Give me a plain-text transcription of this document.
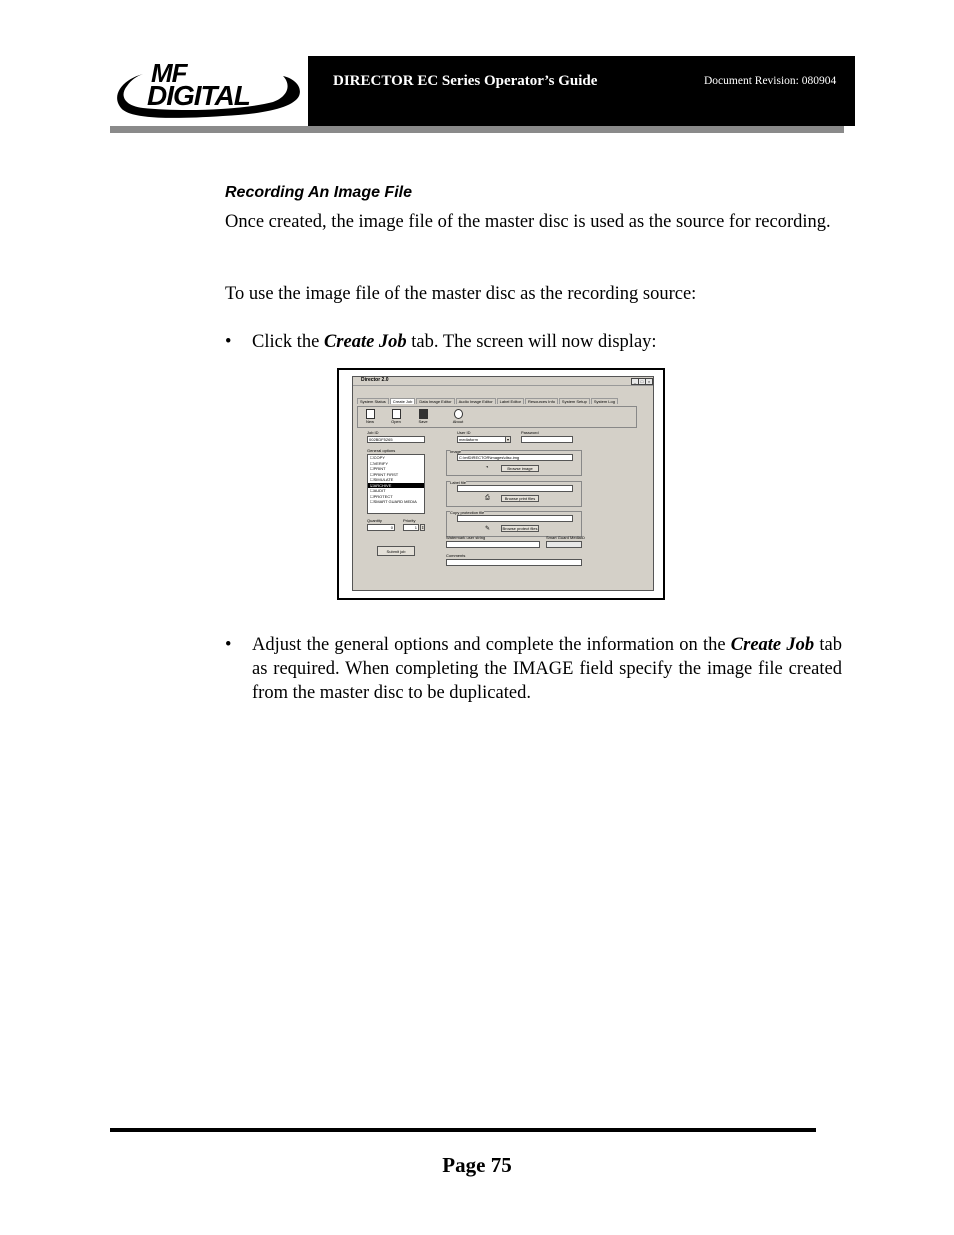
MF
DIGITAL	DIRECTOR EC Series Operator’s Guide	Document Revision: 080904
Recording An Image File
Once created, the image file of the master disc is used as the source for recording.
To use the image file of the master disc as the recording source:
• Click the Create Job tab. The screen will now display:
Director 2.0	_	□	×
System Status Create Job Data Image Editor Audio Image Editor Label Editor Resources Info System Setup System Log
New	Open	Save	About
Job ID
002BDF5265
General options
☐COPY
☐VERIFY
☐PRINT
☐PRINT FIRST
☐SIMULATE
☑ARCHIVE
☐AUDIT
☐PROTECT
☐SMART GUARD MEDIA
Quantity
0
Priority
1	⇕
Submit job
User ID
mediaform	▾
Password
Image
C:\mfDIRECTOR\images\disc.img
◔	Browse image
Label file
⎙	Browse print files
Copy protection file
✎	Browse protect files
Watermark user string	Smart Guard MediaID
Comments
• Adjust the general options and complete the information on the Create Job tab as required. When completing the IMAGE field specify the image file created from the master disc to be duplicated.
Page 75
